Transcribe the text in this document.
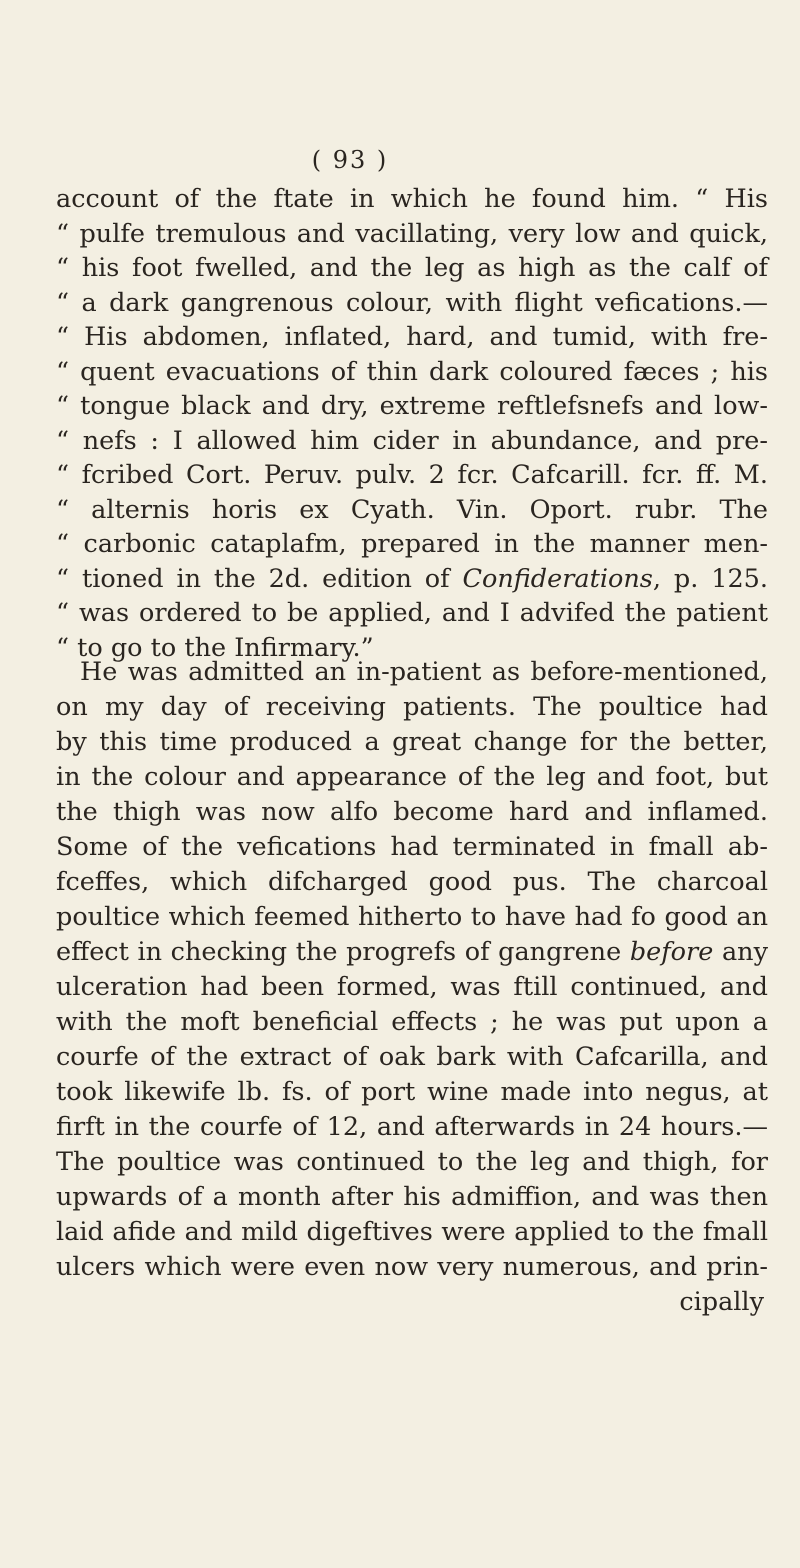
( 93 )
account of the ftate in which he found him. “ His
“ pulfe tremulous and vacillating, very low and quick,
“ his foot fwelled, and the leg as high as the calf of
“ a dark gangrenous colour, with flight vefications.—
“ His abdomen, inflated, hard, and tumid, with fre-
“ quent evacuations of thin dark coloured fæces ; his
“ tongue black and dry, extreme reftlefsnefs and low-
“ nefs : I allowed him cider in abundance, and pre-
“ fcribed Cort. Peruv. pulv. 2 fcr. Cafcarill. fcr. ff. M.
“ alternis horis ex Cyath. Vin. Oport. rubr. The
“ carbonic cataplafm, prepared in the manner men-
“ tioned in the 2d. edition of Confiderations, p. 125.
“ was ordered to be applied, and I advifed the patient
“ to go to the Infirmary.”
He was admitted an in-patient as before-mentioned,
on my day of receiving patients. The poultice had
by this time produced a great change for the better,
in the colour and appearance of the leg and foot, but
the thigh was now alfo become hard and inflamed.
Some of the vefications had terminated in fmall ab-
fceffes, which difcharged good pus. The charcoal
poultice which feemed hitherto to have had fo good an
effect in checking the progrefs of gangrene before any
ulceration had been formed, was ftill continued, and
with the moft beneficial effects ; he was put upon a
courfe of the extract of oak bark with Cafcarilla, and
took likewife lb. fs. of port wine made into negus, at
firft in the courfe of 12, and afterwards in 24 hours.—
The poultice was continued to the leg and thigh, for
upwards of a month after his admiffion, and was then
laid afide and mild digeftives were applied to the fmall
ulcers which were even now very numerous, and prin-
cipally
